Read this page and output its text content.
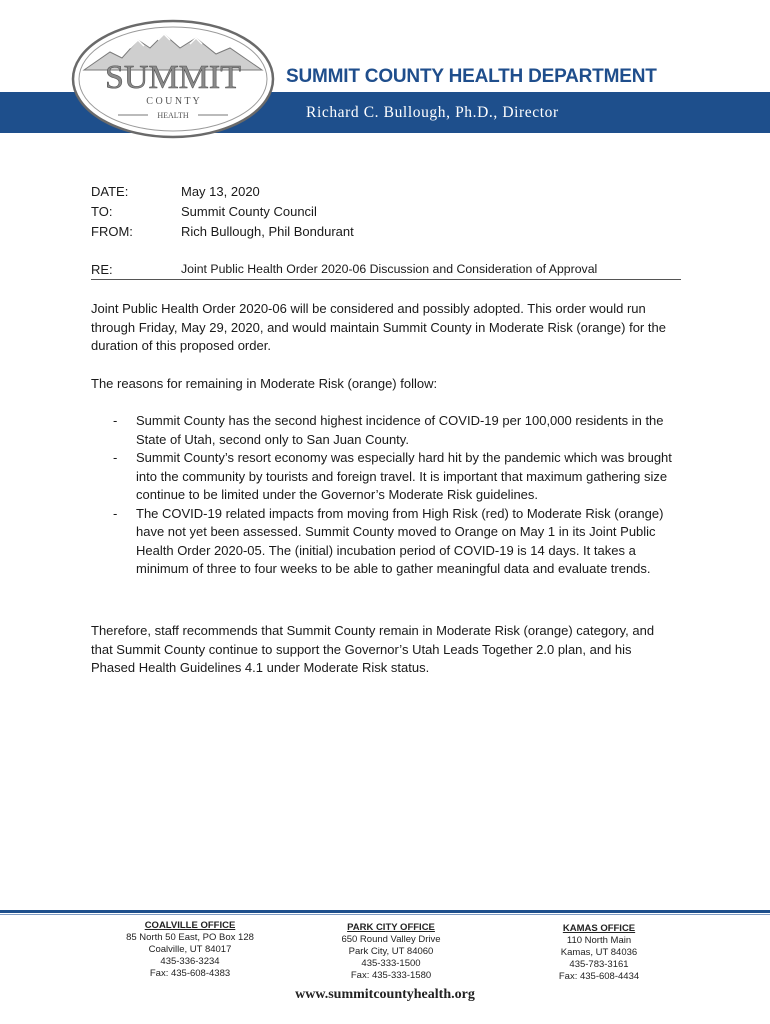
SUMMIT
C O U N T Y
HEALTH
SUMMIT COUNTY HEALTH DEPARTMENT
Richard C. Bullough, Ph.D., Director
DATE:	May 13, 2020
TO:	Summit County Council
FROM:	Rich Bullough, Phil Bondurant
RE:	Joint Public Health Order 2020-06 Discussion and Consideration of Approval
Joint Public Health Order 2020-06 will be considered and possibly adopted. This order would run through Friday, May 29, 2020, and would maintain Summit County in Moderate Risk (orange) for the duration of this proposed order.
The reasons for remaining in Moderate Risk (orange) follow:
- Summit County has the second highest incidence of COVID-19 per 100,000 residents in the State of Utah, second only to San Juan County.
- Summit County’s resort economy was especially hard hit by the pandemic which was brought into the community by tourists and foreign travel. It is important that maximum gathering size continue to be limited under the Governor’s Moderate Risk guidelines.
- The COVID-19 related impacts from moving from High Risk (red) to Moderate Risk (orange) have not yet been assessed. Summit County moved to Orange on May 1 in its Joint Public Health Order 2020-05. The (initial) incubation period of COVID-19 is 14 days. It takes a minimum of three to four weeks to be able to gather meaningful data and evaluate trends.
Therefore, staff recommends that Summit County remain in Moderate Risk (orange) category, and that Summit County continue to support the Governor’s Utah Leads Together 2.0 plan, and his Phased Health Guidelines 4.1 under Moderate Risk status.
COALVILLE OFFICE
85 North 50 East, PO Box 128
Coalville, UT 84017
435-336-3234
Fax: 435-608-4383
PARK CITY OFFICE
650 Round Valley Drive
Park City, UT 84060
435-333-1500
Fax: 435-333-1580
KAMAS OFFICE
110 North Main
Kamas, UT 84036
435-783-3161
Fax: 435-608-4434
www.summitcountyhealth.org
